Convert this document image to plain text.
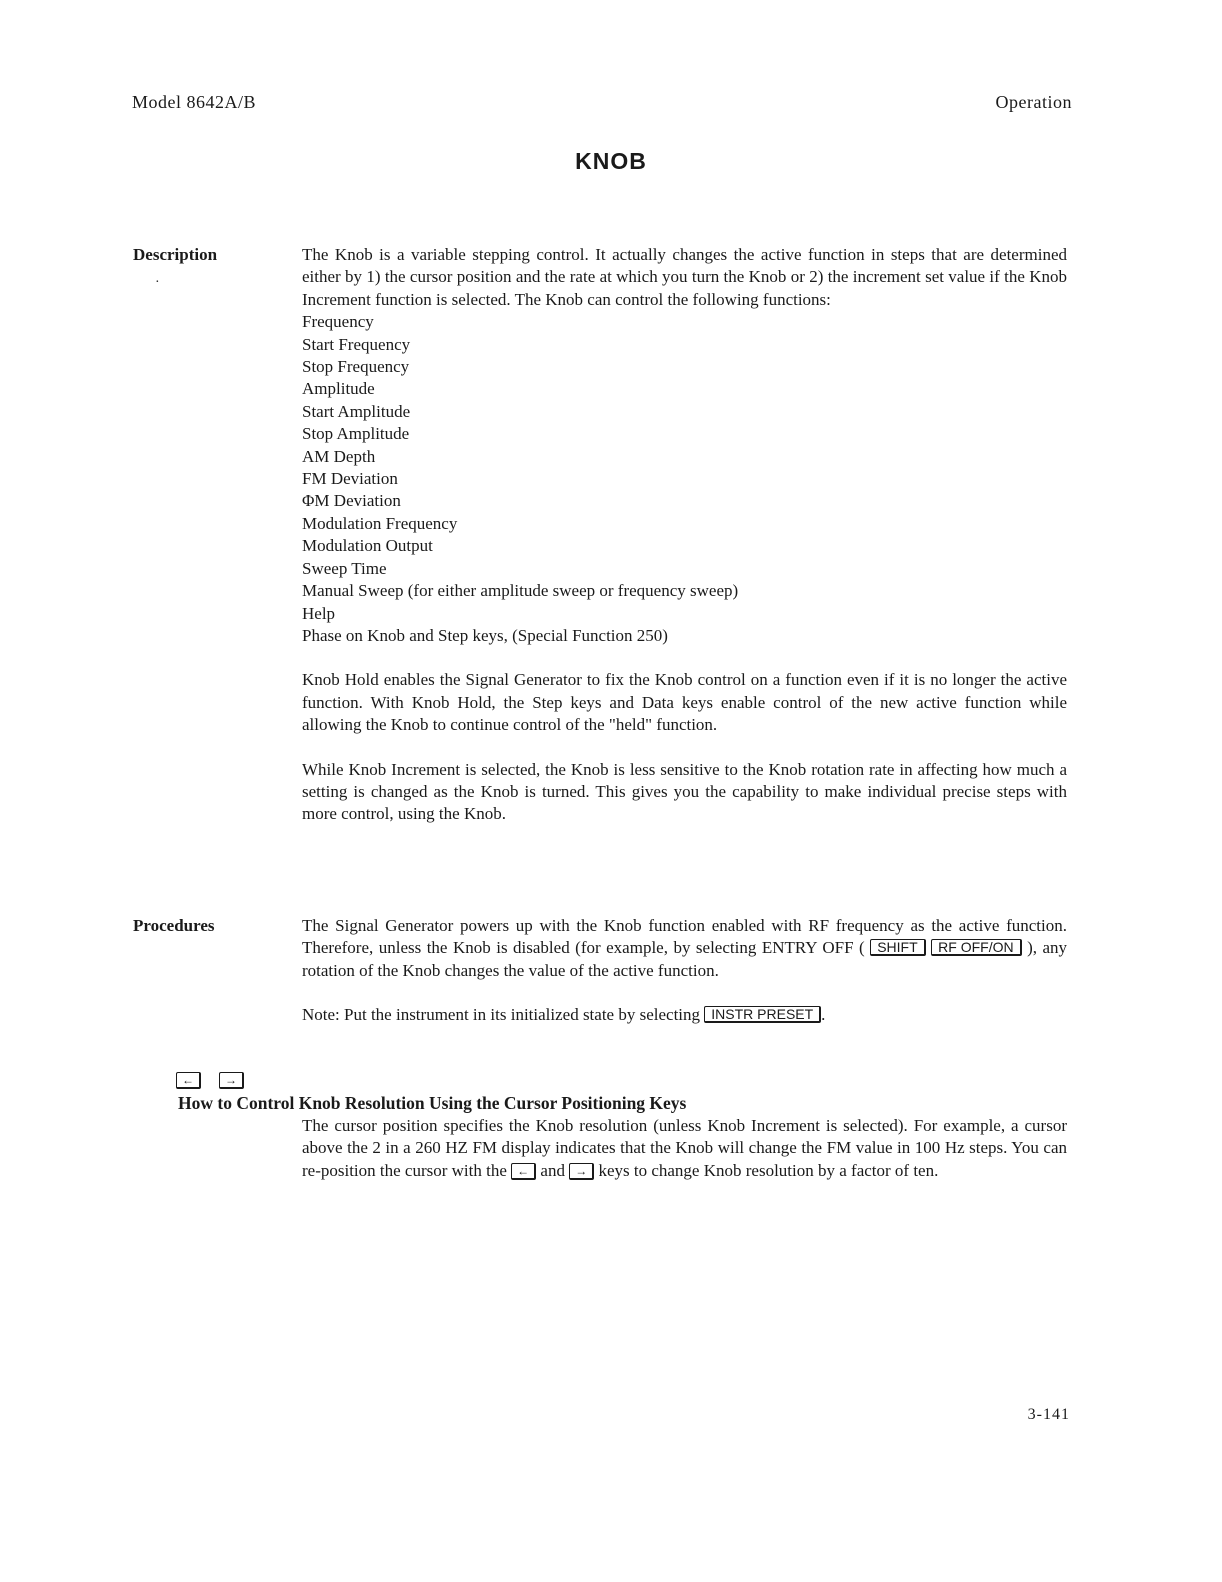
Model 8642A/B	Operation
KNOB
Description
·

The Knob is a variable stepping control. It actually changes the active function in steps that are determined either by 1) the cursor position and the rate at which you turn the Knob or 2) the increment set value if the Knob Increment function is selected. The Knob can control the following functions:

Frequency
Start Frequency
Stop Frequency
Amplitude
Start Amplitude
Stop Amplitude
AM Depth
FM Deviation
ΦM Deviation
Modulation Frequency
Modulation Output
Sweep Time
Manual Sweep (for either amplitude sweep or frequency sweep)
Help
Phase on Knob and Step keys, (Special Function 250)

Knob Hold enables the Signal Generator to fix the Knob control on a function even if it is no longer the active function. With Knob Hold, the Step keys and Data keys enable control of the new active function while allowing the Knob to continue control of the "held" function.

While Knob Increment is selected, the Knob is less sensitive to the Knob rotation rate in affecting how much a setting is changed as the Knob is turned. This gives you the capability to make individual precise steps with more control, using the Knob.

Procedures	The Signal Generator powers up with the Knob function enabled with RF frequency as the active function. Therefore, unless the Knob is disabled (for example, by selecting ENTRY OFF ( SHIFT RF OFF/ON ), any rotation of the Knob changes the value of the active function.

Note: Put the instrument in its initialized state by selecting INSTR PRESET .

←	→
How to Control Knob Resolution Using the Cursor Positioning Keys

The cursor position specifies the Knob resolution (unless Knob Increment is selected). For example, a cursor above the 2 in a 260 HZ FM display indicates that the Knob will change the FM value in 100 Hz steps. You can re-position the cursor with the ← and → keys to change Knob resolution by a factor of ten.

3-141
